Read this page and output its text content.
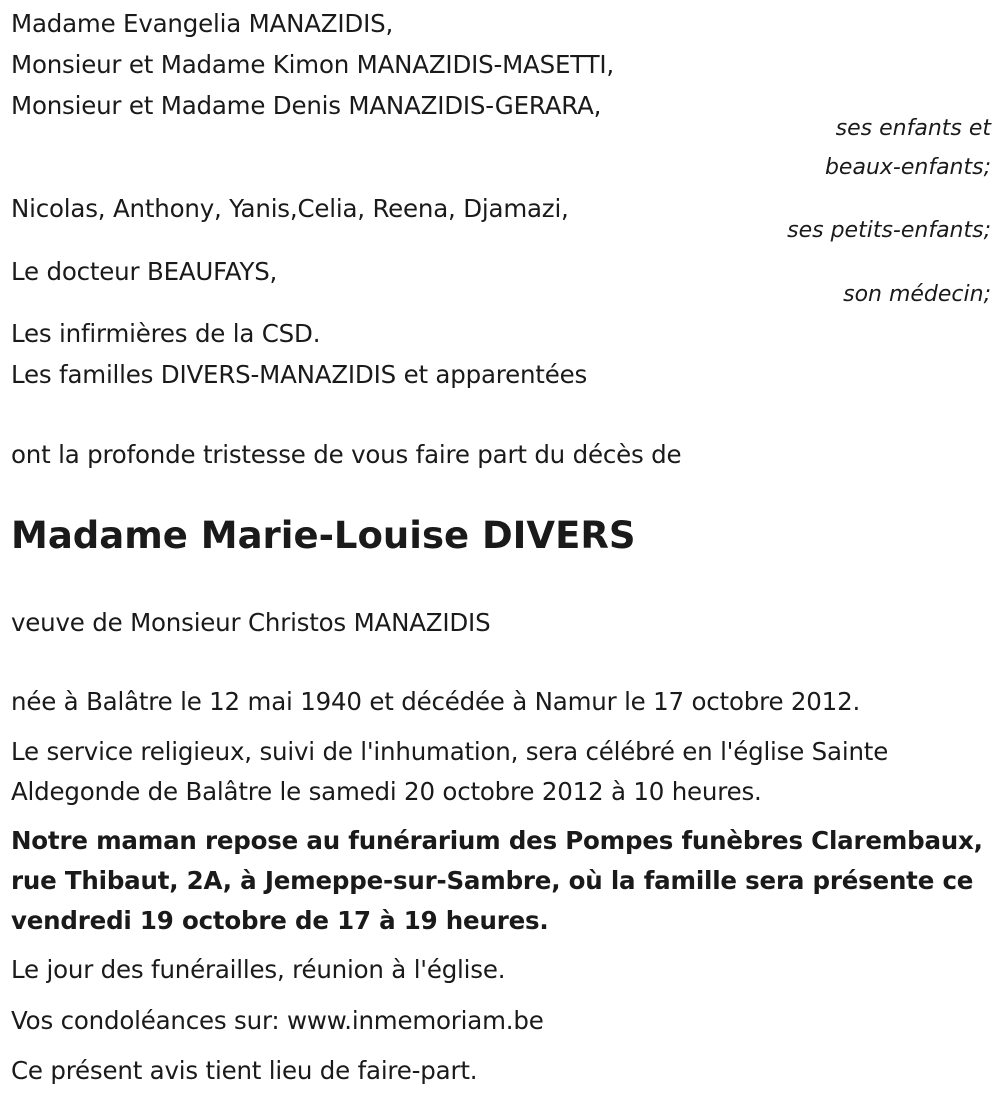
Madame Evangelia MANAZIDIS,
Monsieur et Madame Kimon MANAZIDIS-MASETTI,
Monsieur et Madame Denis MANAZIDIS-GERARA,
ses enfants et
beaux-enfants;
Nicolas, Anthony, Yanis,Celia, Reena, Djamazi,
ses petits-enfants;
Le docteur BEAUFAYS,
son médecin;
Les infirmières de la CSD.
Les familles DIVERS-MANAZIDIS et apparentées
ont la profonde tristesse de vous faire part du décès de
Madame Marie-Louise DIVERS
veuve de Monsieur Christos MANAZIDIS
née à Balâtre le 12 mai 1940 et décédée à Namur le 17 octobre 2012.
Le service religieux, suivi de l'inhumation, sera célébré en l'église Sainte Aldegonde de Balâtre le samedi 20 octobre 2012 à 10 heures.
Notre maman repose au funérarium des Pompes funèbres Clarembaux, rue Thibaut, 2A, à Jemeppe-sur-Sambre, où la famille sera présente ce vendredi 19 octobre de 17 à 19 heures.
Le jour des funérailles, réunion à l'église.
Vos condoléances sur: www.inmemoriam.be
Ce présent avis tient lieu de faire-part.
